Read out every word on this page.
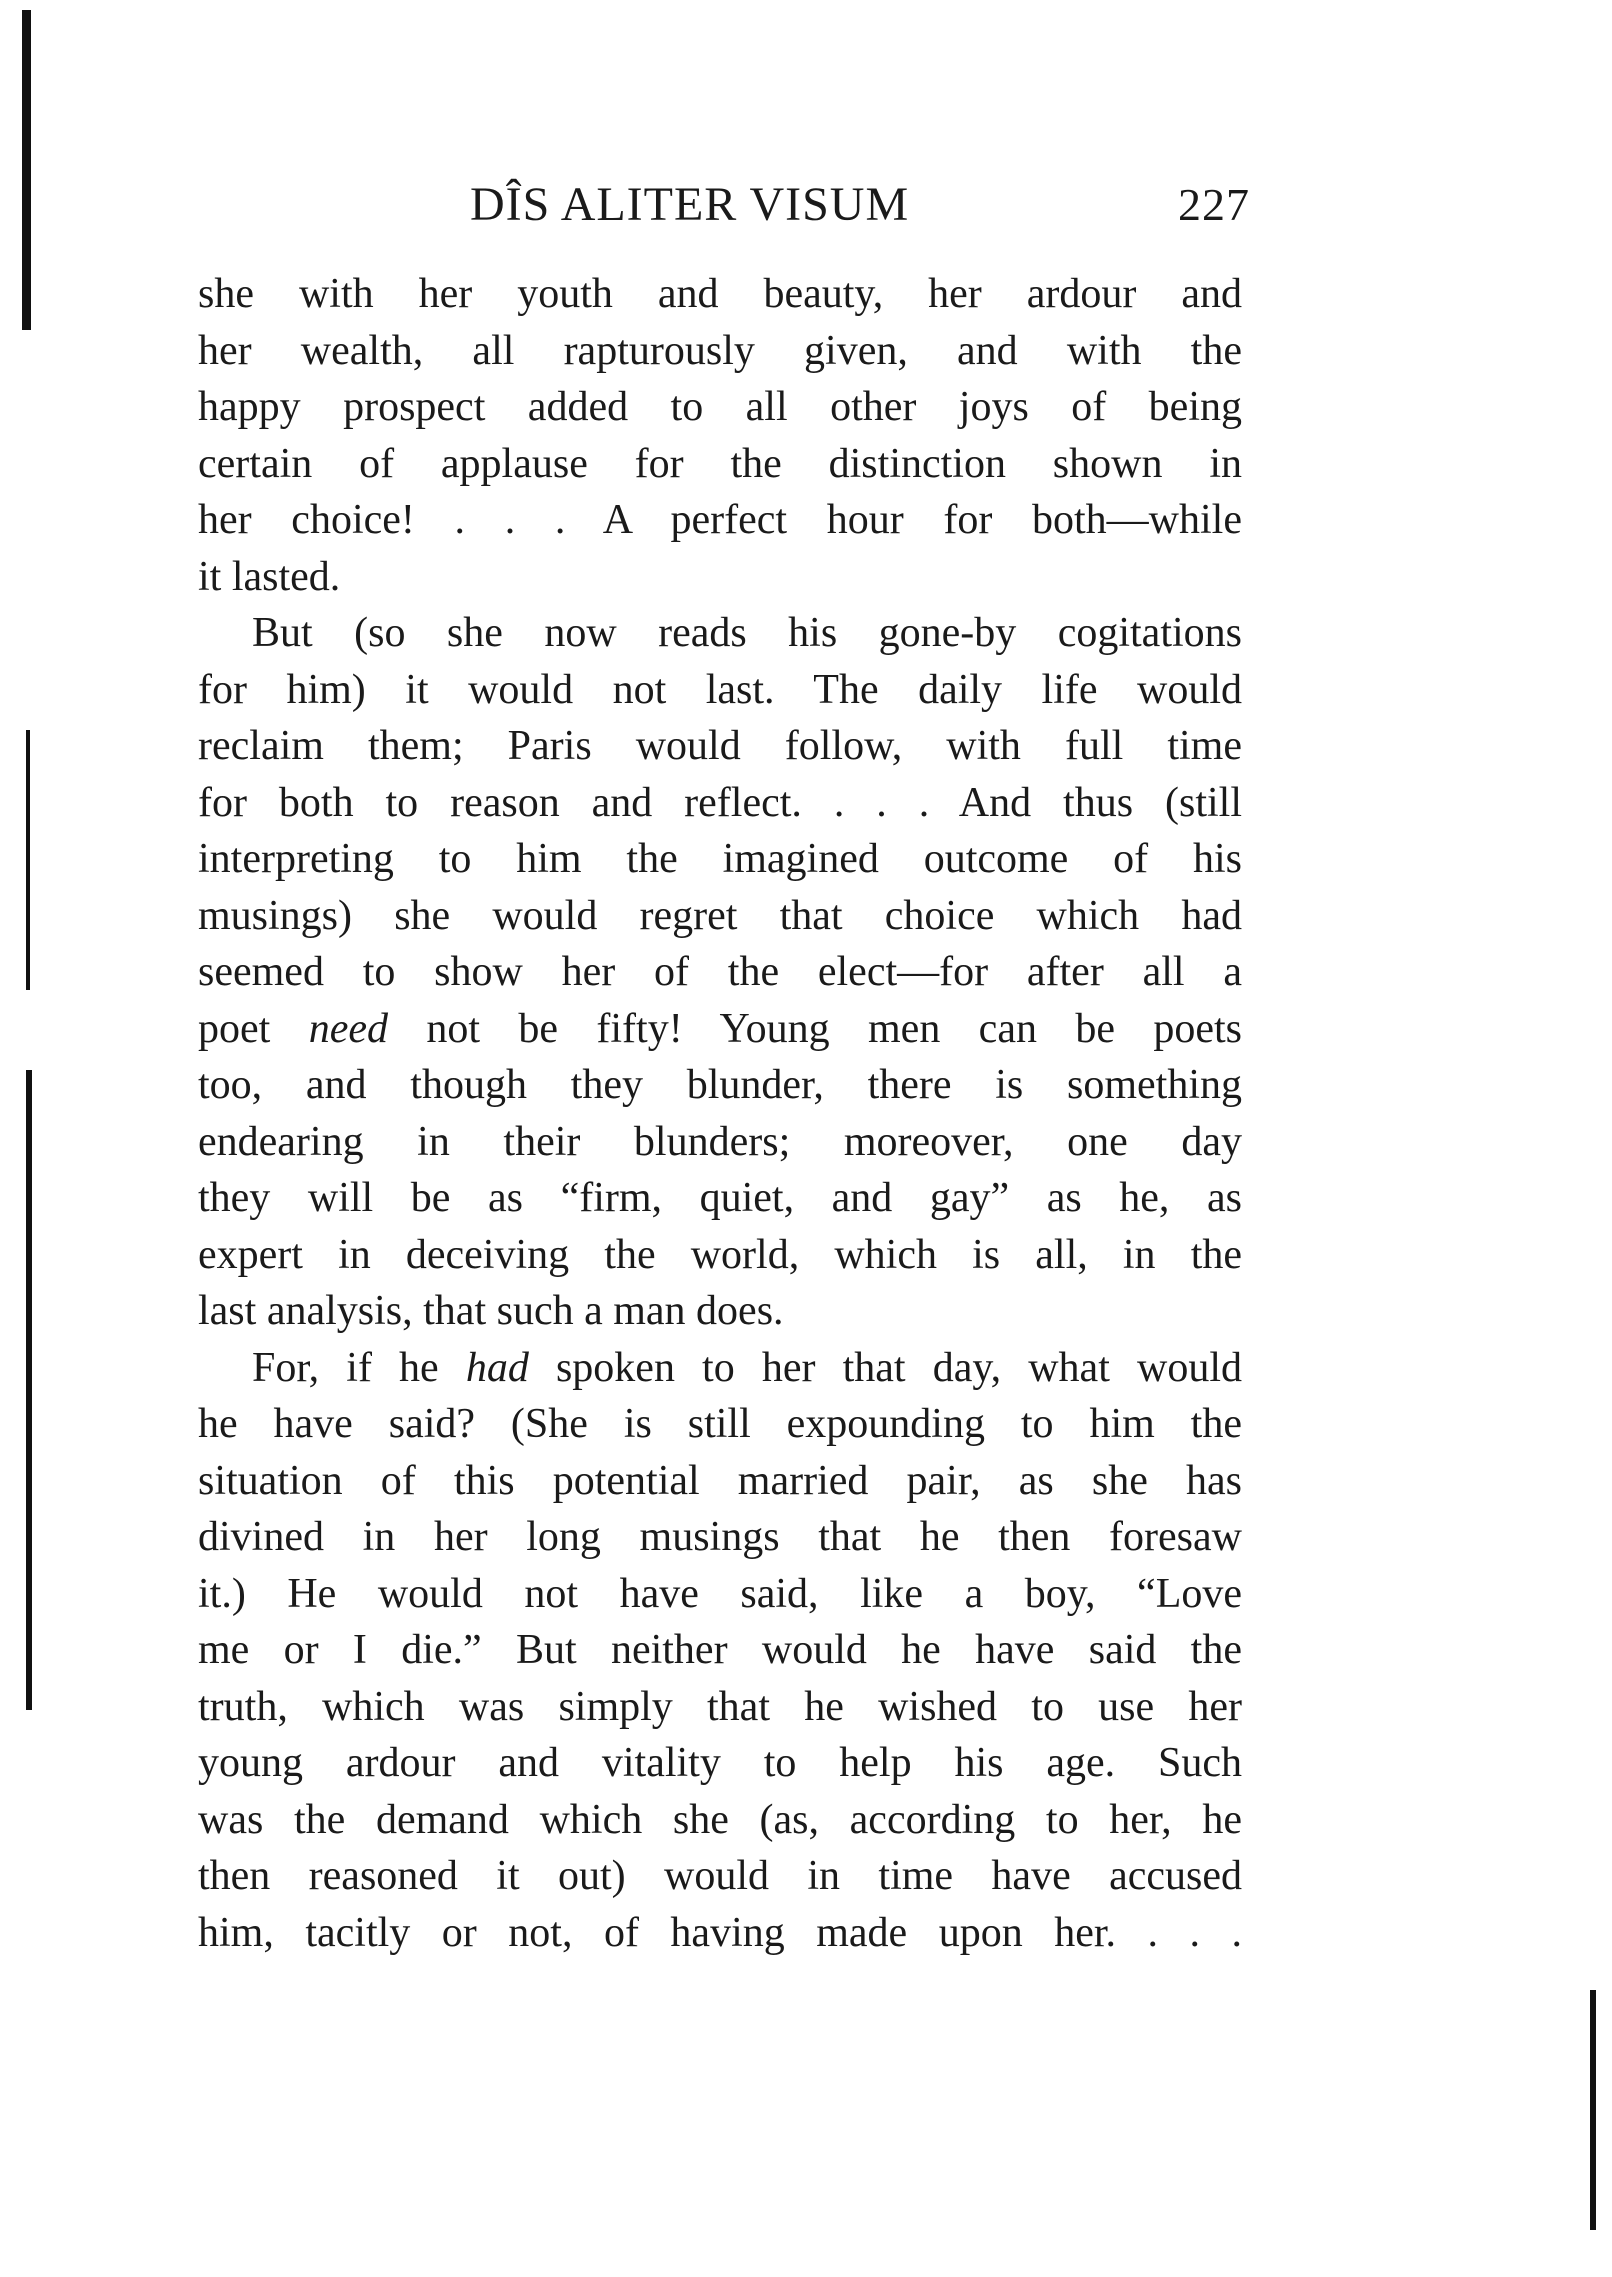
DÎS ALITER VISUM	227
she with her youth and beauty, her ardour and
her wealth, all rapturously given, and with the
happy prospect added to all other joys of being
certain of applause for the distinction shown in
her choice! . . . A perfect hour for both—while
it lasted.
But (so she now reads his gone-by cogitations
for him) it would not last. The daily life would
reclaim them; Paris would follow, with full time
for both to reason and reflect. . . . And thus (still
interpreting to him the imagined outcome of his
musings) she would regret that choice which had
seemed to show her of the elect—for after all a
poet need not be fifty! Young men can be poets
too, and though they blunder, there is something
endearing in their blunders; moreover, one day
they will be as “firm, quiet, and gay” as he, as
expert in deceiving the world, which is all, in the
last analysis, that such a man does.
For, if he had spoken to her that day, what would
he have said? (She is still expounding to him the
situation of this potential married pair, as she has
divined in her long musings that he then foresaw
it.) He would not have said, like a boy, “Love
me or I die.” But neither would he have said the
truth, which was simply that he wished to use her
young ardour and vitality to help his age. Such
was the demand which she (as, according to her, he
then reasoned it out) would in time have accused
him, tacitly or not, of having made upon her. . . .
